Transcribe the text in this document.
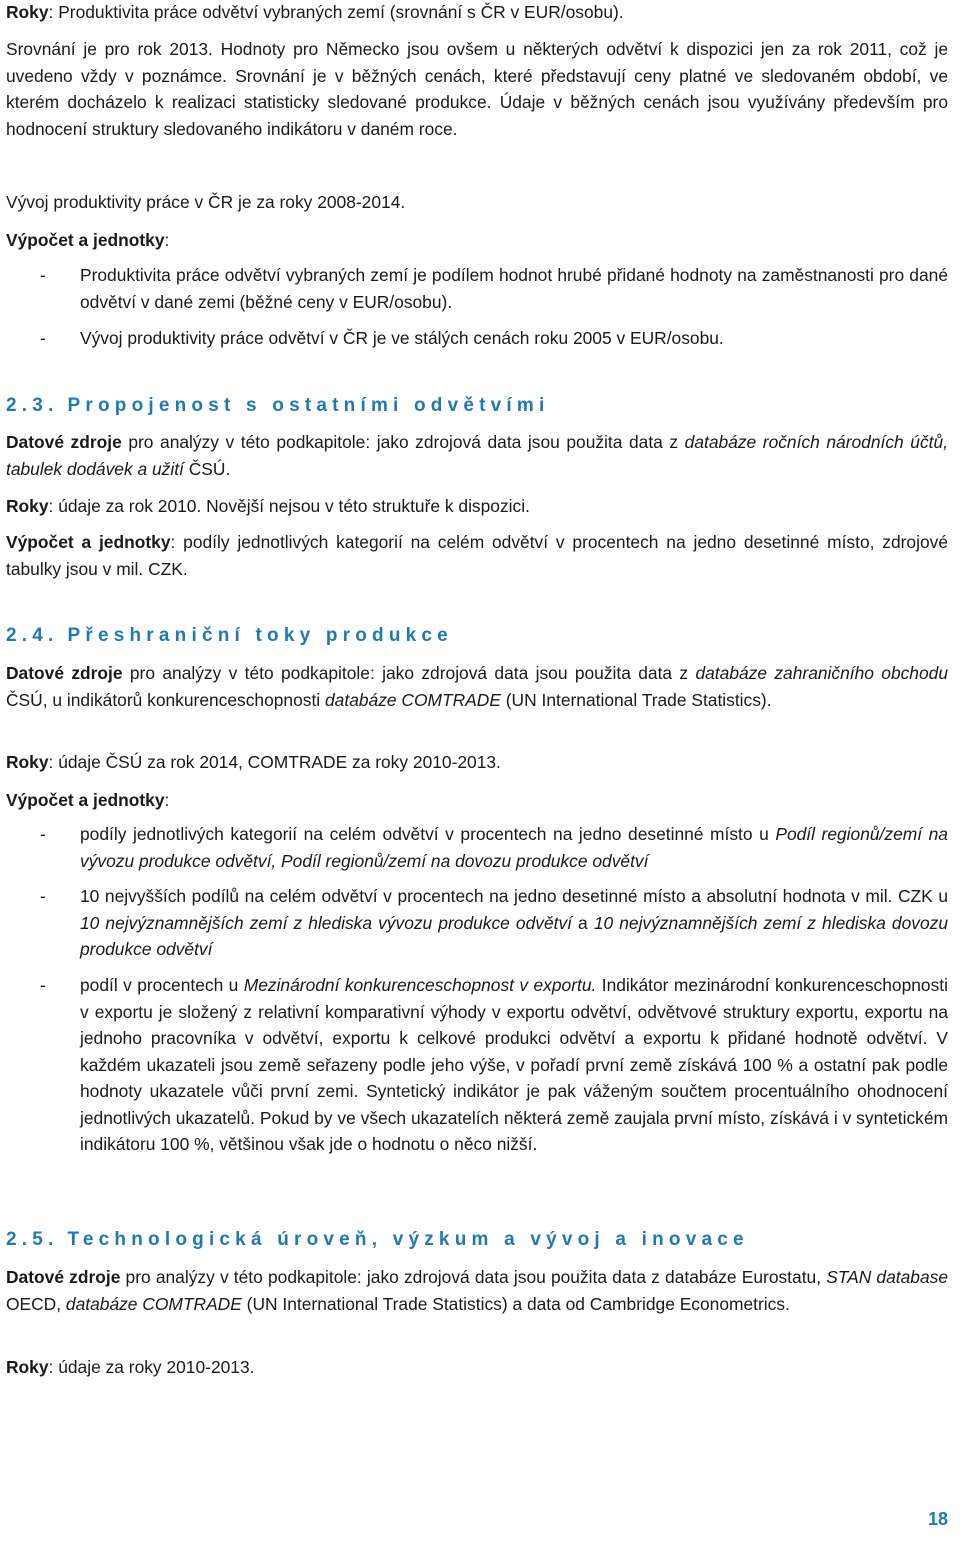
Roky: Produktivita práce odvětví vybraných zemí (srovnání s ČR v EUR/osobu).

Srovnání je pro rok 2013. Hodnoty pro Německo jsou ovšem u některých odvětví k dispozici jen za rok 2011, což je uvedeno vždy v poznámce. Srovnání je v běžných cenách, které představují ceny platné ve sledovaném období, ve kterém docházelo k realizaci statisticky sledované produkce. Údaje v běžných cenách jsou využívány především pro hodnocení struktury sledovaného indikátoru v daném roce.

Vývoj produktivity práce v ČR je za roky 2008-2014.

Výpočet a jednotky:

- Produktivita práce odvětví vybraných zemí je podílem hodnot hrubé přidané hodnoty na zaměstnanosti pro dané odvětví v dané zemi (běžné ceny v EUR/osobu).
- Vývoj produktivity práce odvětví v ČR je ve stálých cenách roku 2005 v EUR/osobu.
2.3. Propojenost s ostatními odvětvími

Datové zdroje pro analýzy v této podkapitole: jako zdrojová data jsou použita data z databáze ročních národních účtů, tabulek dodávek a užití ČSÚ.

Roky: údaje za rok 2010. Novější nejsou v této struktuře k dispozici.

Výpočet a jednotky: podíly jednotlivých kategorií na celém odvětví v procentech na jedno desetinné místo, zdrojové tabulky jsou v mil. CZK.

2.4. Přeshraniční toky produkce

Datové zdroje pro analýzy v této podkapitole: jako zdrojová data jsou použita data z databáze zahraničního obchodu ČSÚ, u indikátorů konkurenceschopnosti databáze COMTRADE (UN International Trade Statistics).

Roky: údaje ČSÚ za rok 2014, COMTRADE za roky 2010-2013.

Výpočet a jednotky:

- podíly jednotlivých kategorií na celém odvětví v procentech na jedno desetinné místo u Podíl regionů/zemí na vývozu produkce odvětví, Podíl regionů/zemí na dovozu produkce odvětví
- 10 nejvyšších podílů na celém odvětví v procentech na jedno desetinné místo a absolutní hodnota v mil. CZK u 10 nejvýznamnějších zemí z hlediska vývozu produkce odvětví a 10 nejvýznamnějších zemí z hlediska dovozu produkce odvětví
- podíl v procentech u Mezinárodní konkurenceschopnost v exportu. Indikátor mezinárodní konkurenceschopnosti v exportu je složený z relativní komparativní výhody v exportu odvětví, odvětvové struktury exportu, exportu na jednoho pracovníka v odvětví, exportu k celkové produkci odvětví a exportu k přidané hodnotě odvětví. V každém ukazateli jsou země seřazeny podle jeho výše, v pořadí první země získává 100 % a ostatní pak podle hodnoty ukazatele vůči první zemi. Syntetický indikátor je pak váženým součtem procentuálního ohodnocení jednotlivých ukazatelů. Pokud by ve všech ukazatelích některá země zaujala první místo, získává i v syntetickém indikátoru 100 %, většinou však jde o hodnotu o něco nižší.
2.5. Technologická úroveň, výzkum a vývoj a inovace

Datové zdroje pro analýzy v této podkapitole: jako zdrojová data jsou použita data z databáze Eurostatu, STAN database OECD, databáze COMTRADE (UN International Trade Statistics) a data od Cambridge Econometrics.

Roky: údaje za roky 2010-2013.

18
